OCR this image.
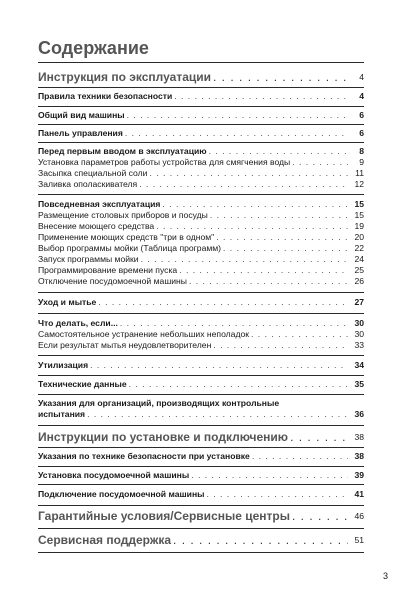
Содержание
Инструкция по эксплуатации . . .	4
Правила техники безопасности . . .	4
Общий вид машины . . .	6
Панель управления . . .	6
Перед первым вводом в эксплуатацию . . .	8
Установка параметров работы устройства для смягчения воды . . .	9
Засыпка специальной соли . . .	11
Заливка ополаскивателя . . .	12
Повседневная эксплуатация . . .	15
Размещение столовых приборов и посуды . . .	15
Внесение моющего средства . . .	19
Применение моющих средств "три в одном" . . .	20
Выбор программы мойки (Таблица программ) . . .	22
Запуск программы мойки . . .	24
Программирование времени пуска . . .	25
Отключение посудомоечной машины . . .	26
Уход и мытье . . .	27
Что делать, если... . . .	30
Самостоятельное устранение небольших неполадок . . .	30
Если результат мытья неудовлетворителен . . .	33
Утилизация . . .	34
Технические данные . . .	35
Указания для организаций, производящих контрольные
испытания . . .	36
Инструкции по установке и подключению . . .	38
Указания по технике безопасности при установке . . .	38
Установка посудомоечной машины . . .	39
Подключение посудомоечной машины . . .	41
Гарантийные условия/Сервисные центры . . .	46
Сервисная поддержка . . .	51
3
